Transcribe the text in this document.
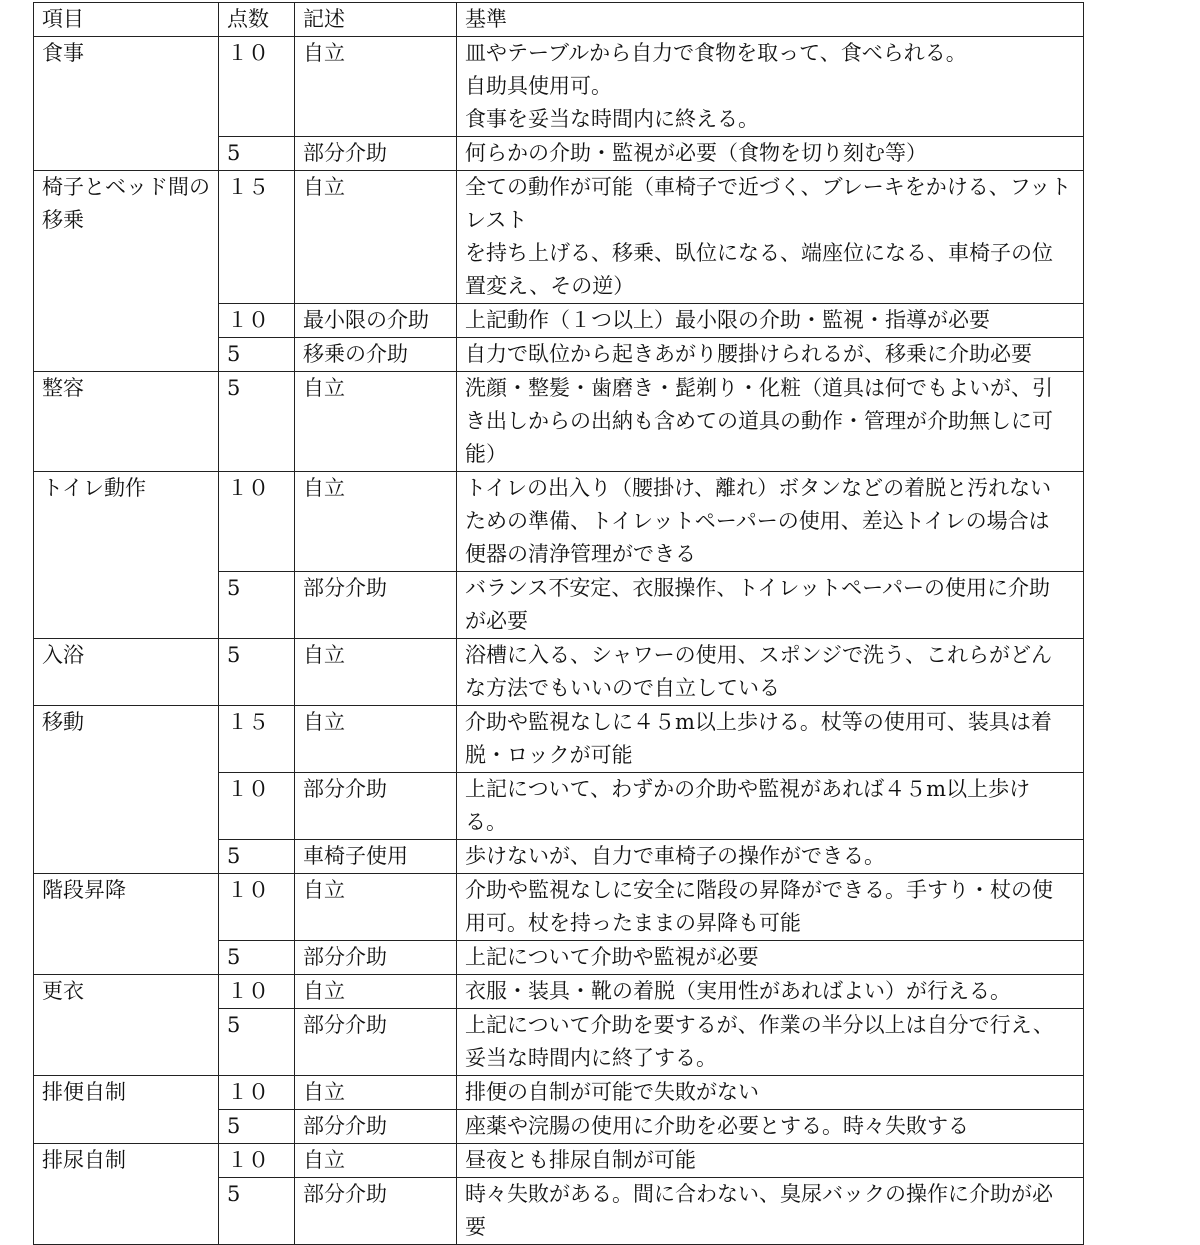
項目	点数	記述	基準
食事	１０	自立	皿やテーブルから自力で食物を取って、食べられる。
自助具使用可。
食事を妥当な時間内に終える。

	5	部分介助	何らかの介助・監視が必要（食物を切り刻む等）

椅子とベッド間の移乗	１５	自立	全ての動作が可能（車椅子で近づく、ブレーキをかける、フットレスト
を持ち上げる、移乗、臥位になる、端座位になる、車椅子の位
置変え、その逆）

	１０	最小限の介助	上記動作（１つ以上）最小限の介助・監視・指導が必要

	5	移乗の介助	自力で臥位から起きあがり腰掛けられるが、移乗に介助必要

整容	5	自立	洗顔・整髪・歯磨き・髭剃り・化粧（道具は何でもよいが、引
き出しからの出納も含めての道具の動作・管理が介助無しに可
能）

トイレ動作	１０	自立	トイレの出入り（腰掛け、離れ）ボタンなどの着脱と汚れない
ための準備、トイレットペーパーの使用、差込トイレの場合は
便器の清浄管理ができる

	5	部分介助	バランス不安定、衣服操作、トイレットペーパーの使用に介助
が必要

入浴	5	自立	浴槽に入る、シャワーの使用、スポンジで洗う、これらがどん
な方法でもいいので自立している

移動	１５	自立	介助や監視なしに４５m以上歩ける。杖等の使用可、装具は着
脱・ロックが可能

	１０	部分介助	上記について、わずかの介助や監視があれば４５m以上歩け
る。

	5	車椅子使用	歩けないが、自力で車椅子の操作ができる。

階段昇降	１０	自立	介助や監視なしに安全に階段の昇降ができる。手すり・杖の使
用可。杖を持ったままの昇降も可能

	5	部分介助	上記について介助や監視が必要

更衣	１０	自立	衣服・装具・靴の着脱（実用性があればよい）が行える。

	5	部分介助	上記について介助を要するが、作業の半分以上は自分で行え、
妥当な時間内に終了する。

排便自制	１０	自立	排便の自制が可能で失敗がない

	5	部分介助	座薬や浣腸の使用に介助を必要とする。時々失敗する

排尿自制	１０	自立	昼夜とも排尿自制が可能

	5	部分介助	時々失敗がある。間に合わない、臭尿バックの操作に介助が必
要
